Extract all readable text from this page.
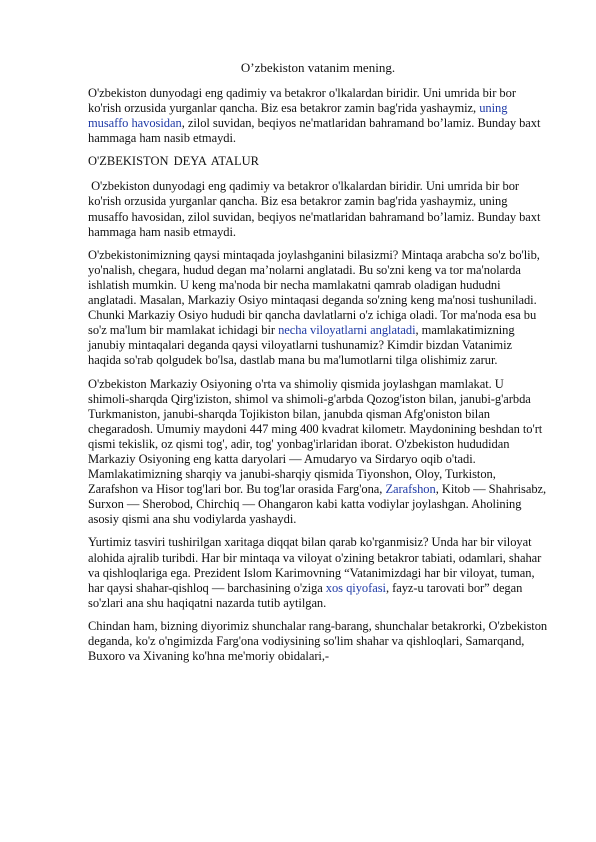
O’zbekiston vatanim mening.

O'zbekiston dunyodagi eng qadimiy va betakror o'lkalardan biridir. Uni umrida bir bor ko'rish orzusida yurganlar qancha. Biz esa betakror zamin bag'rida yashaymiz, uning musaffo havosidan, zilol suvidan, beqiyos ne'matlaridan bahramand bo’lamiz. Bunday baxt hammaga ham nasib etmaydi.

O'ZBEKISTON DEYA ATALUR

O'zbekiston dunyodagi eng qadimiy va betakror o'lkalardan biridir. Uni umrida bir bor ko'rish orzusida yurganlar qancha. Biz esa betakror zamin bag'rida yashaymiz, uning musaffo havosidan, zilol suvidan, beqiyos ne'matlaridan bahramand bo’lamiz. Bunday baxt hammaga ham nasib etmaydi.

O'zbekistonimizning qaysi mintaqada joylashganini bilasizmi? Mintaqa arabcha so'z bo'lib, yo'nalish, chegara, hudud degan ma’nolarni anglatadi. Bu so'zni keng va tor ma'nolarda ishlatish mumkin. U keng ma'noda bir necha mamlakatni qamrab oladigan hududni anglatadi. Masalan, Markaziy Osiyo mintaqasi deganda so'zning keng ma'nosi tushuniladi. Chunki Markaziy Osiyo hududi bir qancha davlatlarni o'z ichiga oladi. Tor ma'noda esa bu so'z ma'lum bir mamlakat ichidagi bir necha viloyatlarni anglatadi, mamlakatimizning janubiy mintaqalari deganda qaysi viloyatlarni tushunamiz? Kimdir bizdan Vatanimiz haqida so'rab qolgudek bo'lsa, dastlab mana bu ma'lumotlarni tilga olishimiz zarur.

O'zbekiston Markaziy Osiyoning o'rta va shimoliy qismida joylashgan mamlakat. U shimoli-sharqda Qirg'iziston, shimol va shimoli-g'arbda Qozog'iston bilan, janubi-g'arbda Turkmaniston, janubi-sharqda Tojikiston bilan, janubda qisman Afg'oniston bilan chegaradosh. Umumiy maydoni 447 ming 400 kvadrat kilometr. Maydonining beshdan to'rt qismi tekislik, oz qismi tog', adir, tog' yonbag'irlaridan iborat. O'zbekiston hududidan Markaziy Osiyoning eng katta daryolari — Amudaryo va Sirdaryo oqib o'tadi. Mamlakatimizning sharqiy va janubi-sharqiy qismida Tiyonshon, Oloy, Turkiston, Zarafshon va Hisor tog'lari bor. Bu tog'lar orasida Farg'ona, Zarafshon, Kitob — Shahrisabz, Surxon — Sherobod, Chirchiq — Ohangaron kabi katta vodiylar joylashgan. Aholining asosiy qismi ana shu vodiylarda yashaydi.

Yurtimiz tasviri tushirilgan xaritaga diqqat bilan qarab ko'rganmisiz? Unda har bir viloyat alohida ajralib turibdi. Har bir mintaqa va viloyat o'zining betakror tabiati, odamlari, shahar va qishloqlariga ega. Prezident Islom Karimovning “Vatanimizdagi har bir viloyat, tuman, har qaysi shahar-qishloq — barchasining o'ziga xos qiyofasi, fayz-u tarovati bor” degan so'zlari ana shu haqiqatni nazarda tutib aytilgan.

Chindan ham, bizning diyorimiz shunchalar rang-barang, shunchalar betakrorki, O'zbekiston deganda, ko'z o'ngimizda Farg'ona vodiysining so'lim shahar va qishloqlari, Samarqand, Buxoro va Xivaning ko'hna me'moriy obidalari,-
